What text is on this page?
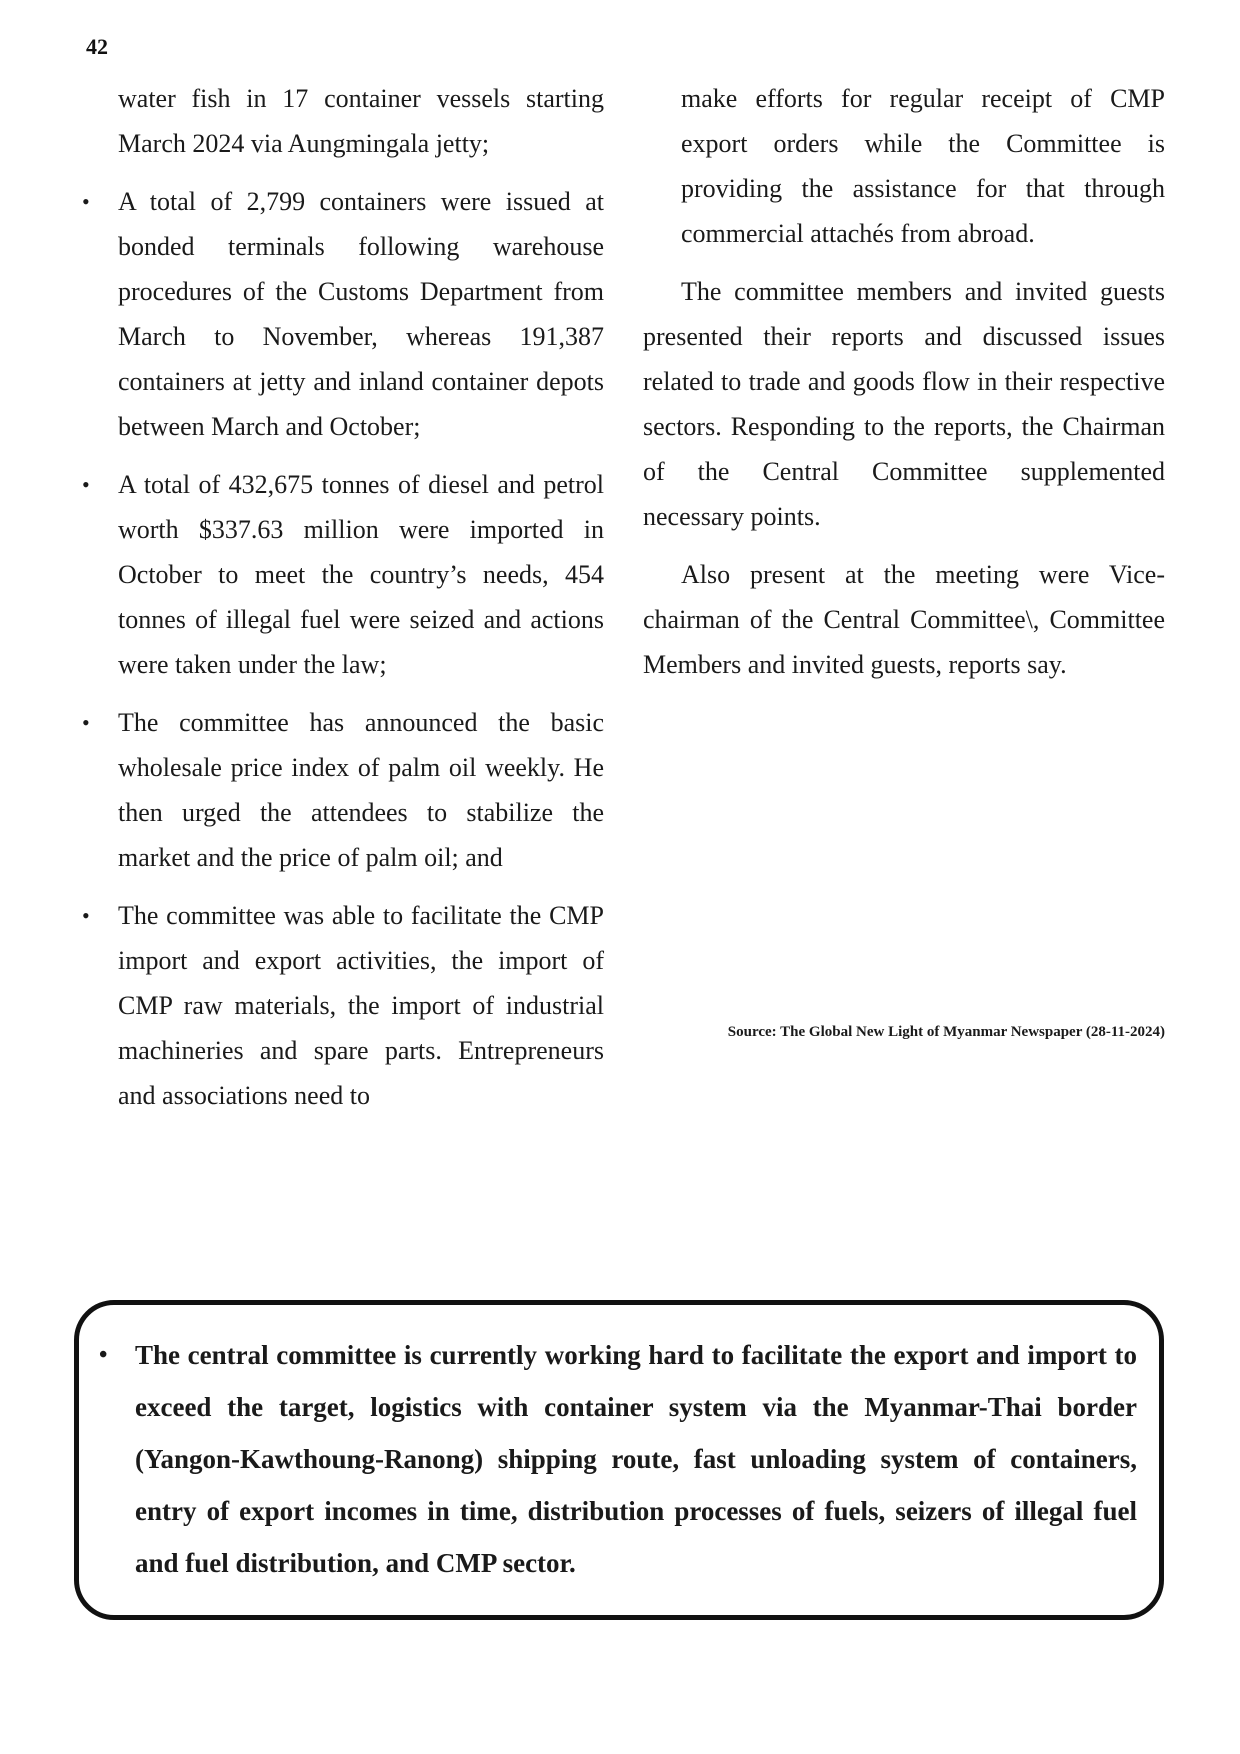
42

water fish in 17 container vessels starting March 2024 via Aungmingala jetty;

•	A total of 2,799 containers were issued at bonded terminals following warehouse procedures of the Customs Department from March to November, whereas 191,387 containers at jetty and inland container depots between March and October;
•	A total of 432,675 tonnes of diesel and petrol worth $337.63 million were imported in October to meet the country’s needs, 454 tonnes of illegal fuel were seized and actions were taken under the law;
•	The committee has announced the basic wholesale price index of palm oil weekly. He then urged the attendees to stabilize the market and the price of palm oil; and
•	The committee was able to facilitate the CMP import and export activities, the import of CMP raw materials, the import of industrial machineries and spare parts. Entrepreneurs and associations need to

make efforts for regular receipt of CMP export orders while the Committee is providing the assistance for that through commercial attachés from abroad.

The committee members and invited guests presented their reports and discussed issues related to trade and goods flow in their respective sectors. Responding to the reports, the Chairman of the Central Committee supplemented necessary points.

Also present at the meeting were Vice-chairman of the Central Committee\, Committee Members and invited guests, reports say.

Source: The Global New Light of Myanmar Newspaper (28-11-2024)
• The central committee is currently working hard to facilitate the export and import to exceed the target, logistics with container system via the Myanmar-Thai border (Yangon-Kawthoung-Ranong) shipping route, fast unloading system of containers, entry of export incomes in time, distribution processes of fuels, seizers of illegal fuel and fuel distribution, and CMP sector.
